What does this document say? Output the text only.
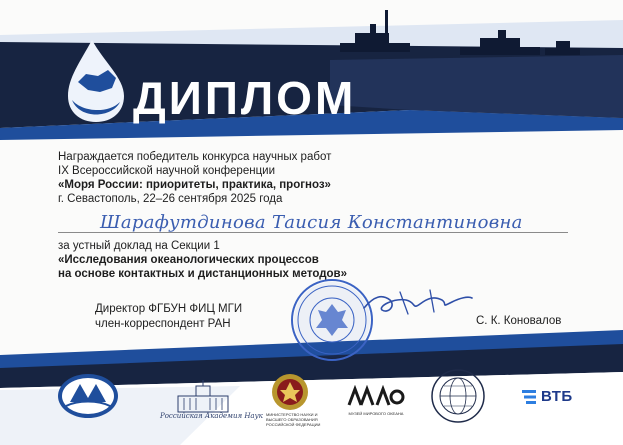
ДИПЛОМ
Награждается победитель конкурса научных работ
IX Всероссийской научной конференции
«Моря России: приоритеты, практика, прогноз»
г. Севастополь, 22–26 сентября 2025 года
Шарафутдинова Таисия Константиновна
за устный доклад на Секции 1
«Исследования океанологических процессов
на основе контактных и дистанционных методов»
Директор ФГБУН ФИЦ МГИ
член-корреспондент РАН	С. К. Коновалов
Российская Академия Наук МИНИСТЕРСТВО НАУКИ И ВЫСШЕГО ОБРАЗОВАНИЯ РОССИЙСКОЙ ФЕДЕРАЦИИ
МУЗЕЙ МИРОВОГО ОКЕАНА
ВТБ
